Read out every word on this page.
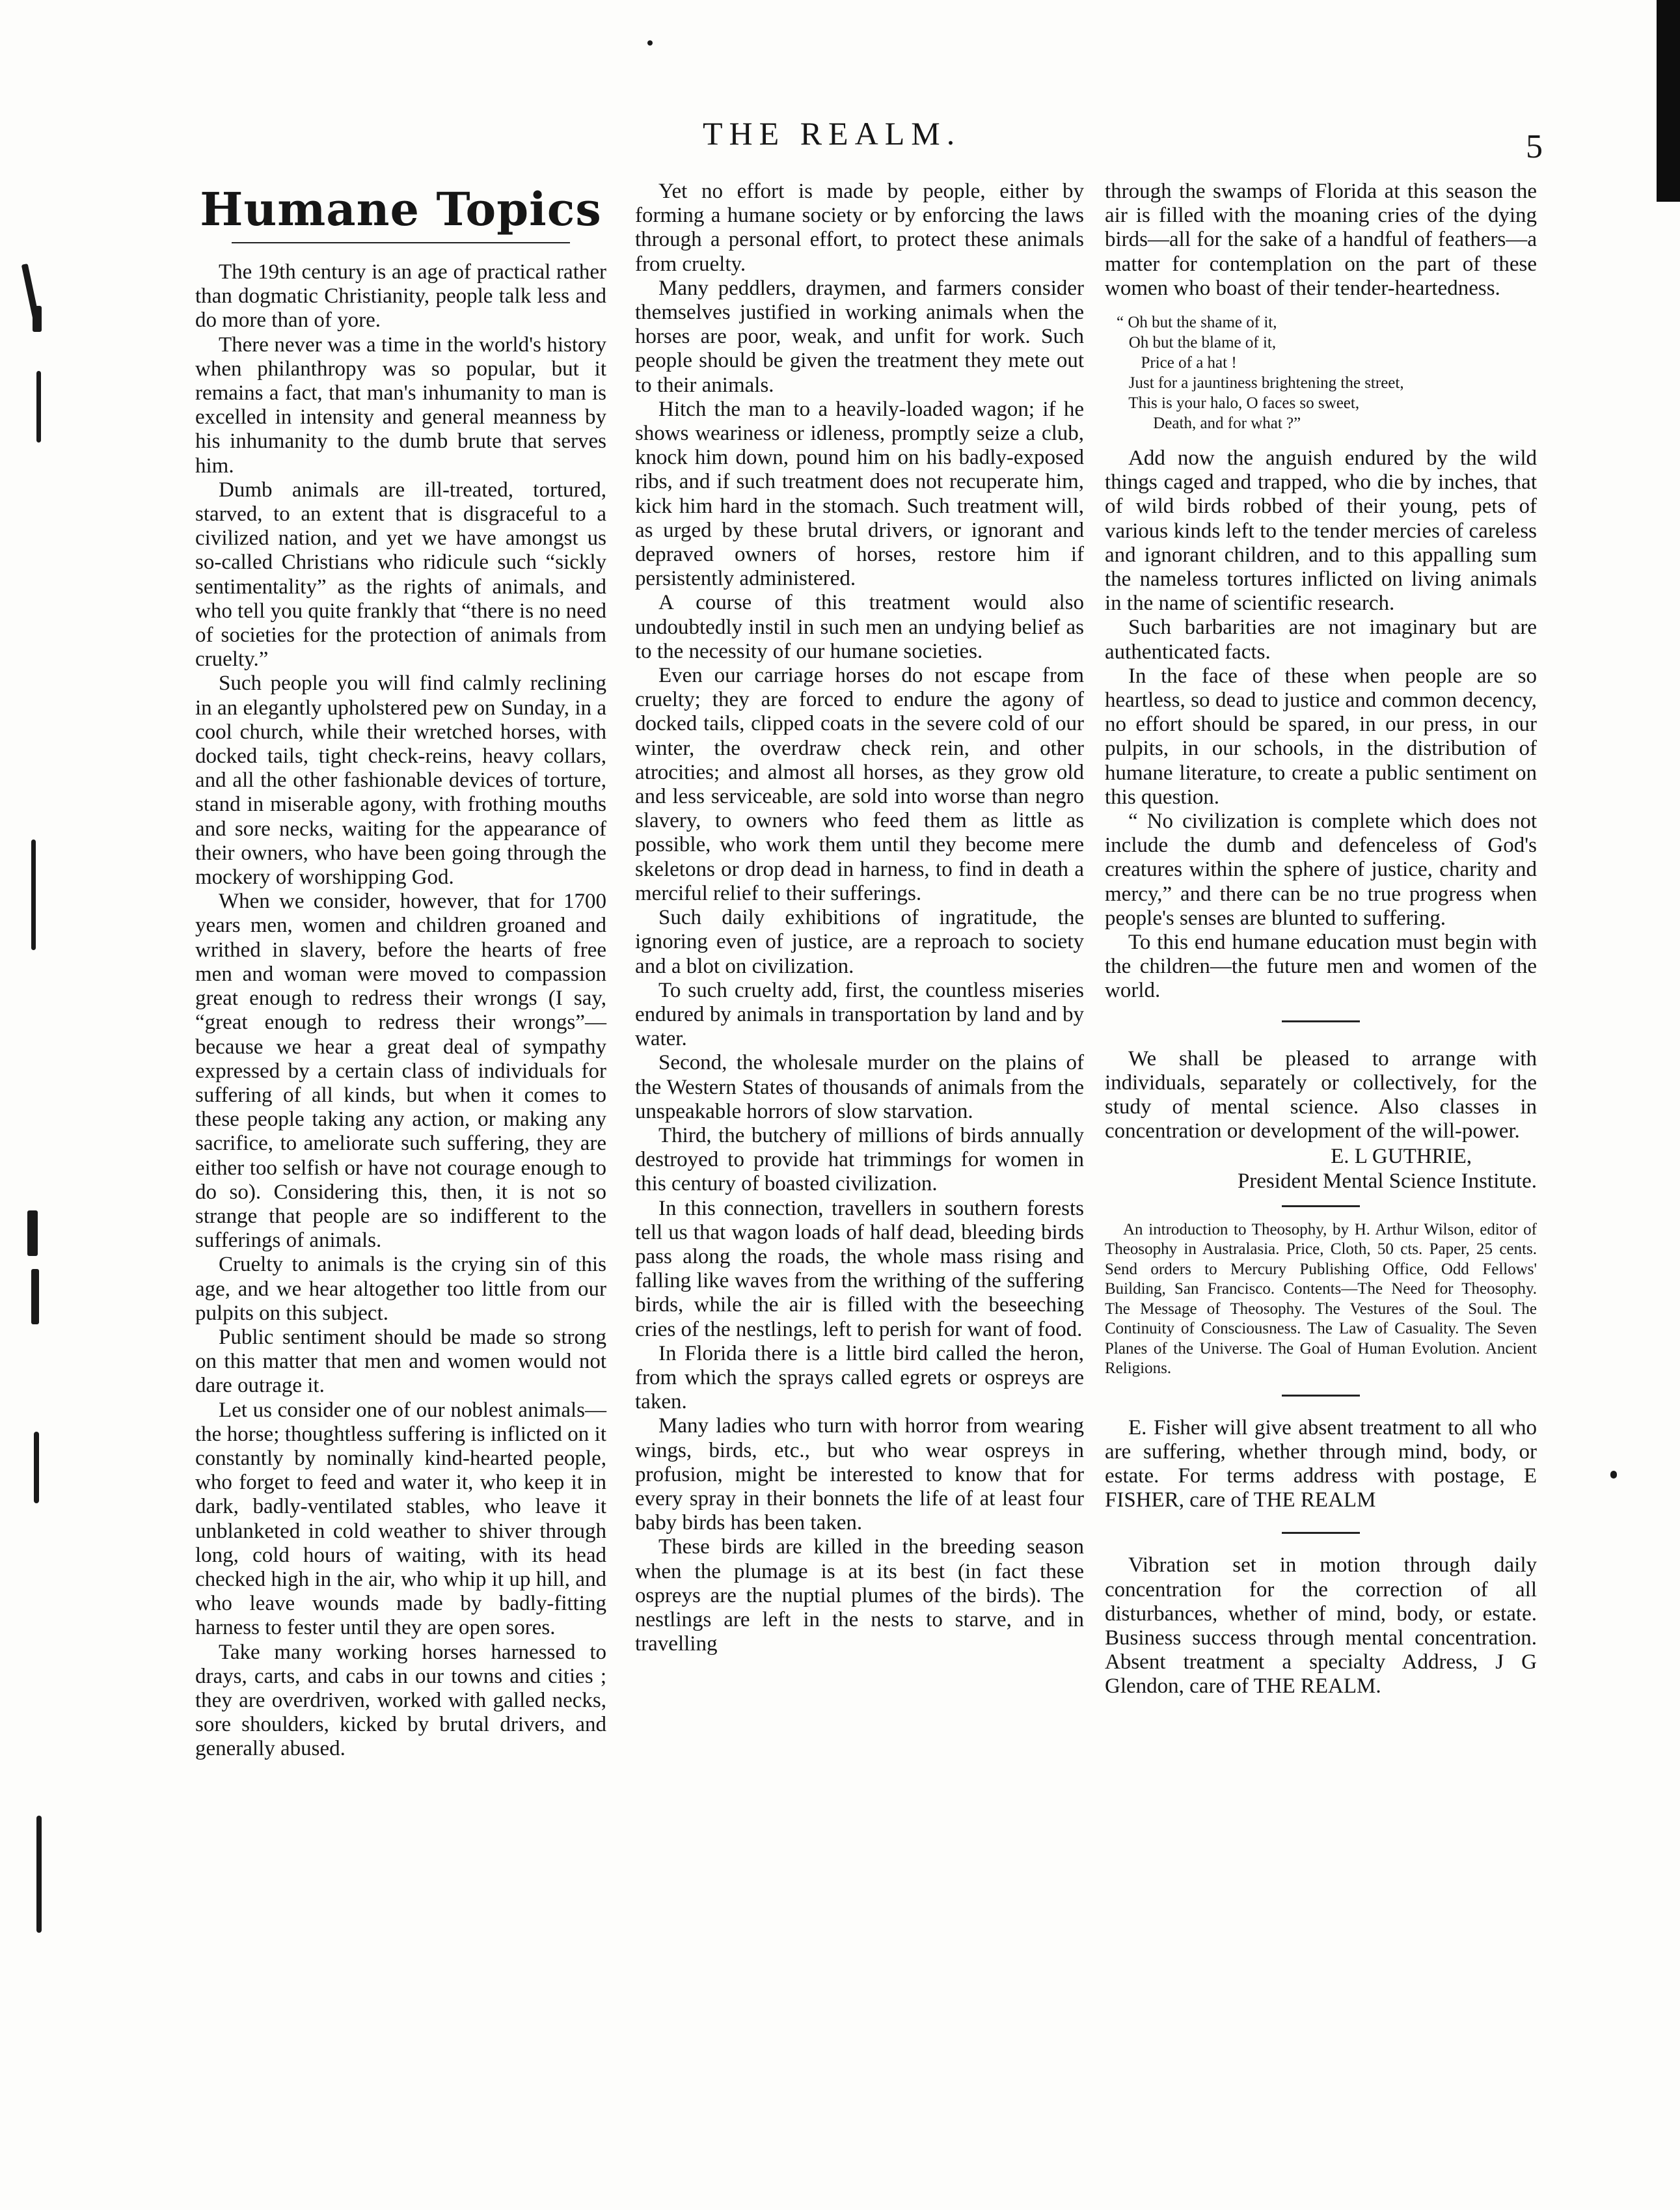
THE REALM.	5
Humane Topics

The 19th century is an age of practical rather than dogmatic Christianity, people talk less and do more than of yore.

There never was a time in the world's history when philanthropy was so popular, but it remains a fact, that man's inhumanity to man is excelled in intensity and general meanness by his inhumanity to the dumb brute that serves him.

Dumb animals are ill-treated, tortured, starved, to an extent that is disgraceful to a civilized nation, and yet we have amongst us so-called Christians who ridicule such “sickly sentimentality” as the rights of animals, and who tell you quite frankly that “there is no need of societies for the protection of animals from cruelty.”

Such people you will find calmly reclining in an elegantly upholstered pew on Sunday, in a cool church, while their wretched horses, with docked tails, tight check-reins, heavy collars, and all the other fashionable devices of torture, stand in miserable agony, with frothing mouths and sore necks, waiting for the appearance of their owners, who have been going through the mockery of worshipping God.

When we consider, however, that for 1700 years men, women and children groaned and writhed in slavery, before the hearts of free men and woman were moved to compassion great enough to redress their wrongs (I say, “great enough to redress their wrongs”—because we hear a great deal of sympathy expressed by a certain class of individuals for suffering of all kinds, but when it comes to these people taking any action, or making any sacrifice, to ameliorate such suffering, they are either too selfish or have not courage enough to do so). Considering this, then, it is not so strange that people are so indifferent to the sufferings of animals.

Cruelty to animals is the crying sin of this age, and we hear altogether too little from our pulpits on this subject.

Public sentiment should be made so strong on this matter that men and women would not dare outrage it.

Let us consider one of our noblest animals—the horse; thoughtless suffering is inflicted on it constantly by nominally kind-hearted people, who forget to feed and water it, who keep it in dark, badly-ventilated stables, who leave it unblanketed in cold weather to shiver through long, cold hours of waiting, with its head checked high in the air, who whip it up hill, and who leave wounds made by badly-fitting harness to fester until they are open sores.

Take many working horses harnessed to drays, carts, and cabs in our towns and cities ; they are overdriven, worked with galled necks, sore shoulders, kicked by brutal drivers, and generally abused.

Yet no effort is made by people, either by forming a humane society or by enforcing the laws through a personal effort, to protect these animals from cruelty.

Many peddlers, draymen, and farmers consider themselves justified in working animals when the horses are poor, weak, and unfit for work. Such people should be given the treatment they mete out to their animals.

Hitch the man to a heavily-loaded wagon; if he shows weariness or idleness, promptly seize a club, knock him down, pound him on his badly-exposed ribs, and if such treatment does not recuperate him, kick him hard in the stomach. Such treatment will, as urged by these brutal drivers, or ignorant and depraved owners of horses, restore him if persistently administered.

A course of this treatment would also undoubtedly instil in such men an undying belief as to the necessity of our humane societies.

Even our carriage horses do not escape from cruelty; they are forced to endure the agony of docked tails, clipped coats in the severe cold of our winter, the overdraw check rein, and other atrocities; and almost all horses, as they grow old and less serviceable, are sold into worse than negro slavery, to owners who feed them as little as possible, who work them until they become mere skeletons or drop dead in harness, to find in death a merciful relief to their sufferings.

Such daily exhibitions of ingratitude, the ignoring even of justice, are a reproach to society and a blot on civilization.

To such cruelty add, first, the countless miseries endured by animals in transportation by land and by water.

Second, the wholesale murder on the plains of the Western States of thousands of animals from the unspeakable horrors of slow starvation.

Third, the butchery of millions of birds annually destroyed to provide hat trimmings for women in this century of boasted civilization.

In this connection, travellers in southern forests tell us that wagon loads of half dead, bleeding birds pass along the roads, the whole mass rising and falling like waves from the writhing of the suffering birds, while the air is filled with the beseeching cries of the nestlings, left to perish for want of food.

In Florida there is a little bird called the heron, from which the sprays called egrets or ospreys are taken.

Many ladies who turn with horror from wearing wings, birds, etc., but who wear ospreys in profusion, might be interested to know that for every spray in their bonnets the life of at least four baby birds has been taken.

These birds are killed in the breeding season when the plumage is at its best (in fact these ospreys are the nuptial plumes of the birds). The nestlings are left in the nests to starve, and in travelling

through the swamps of Florida at this season the air is filled with the moaning cries of the dying birds—all for the sake of a handful of feathers—a matter for contemplation on the part of these women who boast of their tender-heartedness.

“ Oh but the shame of it,
Oh but the blame of it,
Price of a hat !
Just for a jauntiness brightening the street,
This is your halo, O faces so sweet,
Death, and for what ?”

Add now the anguish endured by the wild things caged and trapped, who die by inches, that of wild birds robbed of their young, pets of various kinds left to the tender mercies of careless and ignorant children, and to this appalling sum the nameless tortures inflicted on living animals in the name of scientific research.

Such barbarities are not imaginary but are authenticated facts.

In the face of these when people are so heartless, so dead to justice and common decency, no effort should be spared, in our press, in our pulpits, in our schools, in the distribution of humane literature, to create a public sentiment on this question.

“ No civilization is complete which does not include the dumb and defenceless of God's creatures within the sphere of justice, charity and mercy,” and there can be no true progress when people's senses are blunted to suffering.

To this end humane education must begin with the children—the future men and women of the world.

We shall be pleased to arrange with individuals, separately or collectively, for the study of mental science. Also classes in concentration or development of the will-power.

E. L GUTHRIE,
President Mental Science Institute.

An introduction to Theosophy, by H. Arthur Wilson, editor of Theosophy in Australasia. Price, Cloth, 50 cts. Paper, 25 cents. Send orders to Mercury Publishing Office, Odd Fellows' Building, San Francisco. Contents—The Need for Theosophy. The Message of Theosophy. The Vestures of the Soul. The Continuity of Consciousness. The Law of Casuality. The Seven Planes of the Universe. The Goal of Human Evolution. Ancient Religions.

E. Fisher will give absent treatment to all who are suffering, whether through mind, body, or estate. For terms address with postage, E FISHER, care of THE REALM

Vibration set in motion through daily concentration for the correction of all disturbances, whether of mind, body, or estate. Business success through mental concentration. Absent treatment a specialty Address, J G Glendon, care of THE REALM.
